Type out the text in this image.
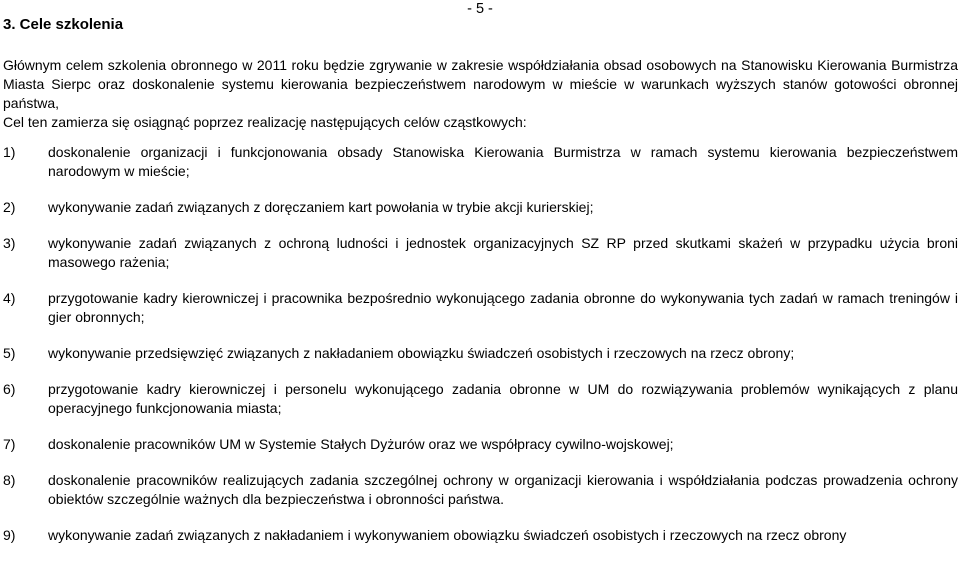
- 5 -
3. Cele szkolenia

Głównym celem szkolenia obronnego w 2011 roku będzie zgrywanie w zakresie współdziałania obsad osobowych na Stanowisku Kierowania Burmistrza Miasta Sierpc oraz doskonalenie systemu kierowania bezpieczeństwem narodowym w mieście w warunkach wyższych stanów gotowości obronnej państwa,

Cel ten zamierza się osiągnąć poprzez realizację następujących celów cząstkowych:

1)	doskonalenie organizacji i funkcjonowania obsady Stanowiska Kierowania Burmistrza w ramach systemu kierowania bezpieczeństwem narodowym w mieście;
2)	wykonywanie zadań związanych z doręczaniem kart powołania w trybie akcji kurierskiej;
3)	wykonywanie zadań związanych z ochroną ludności i jednostek organizacyjnych SZ RP przed skutkami skażeń w przypadku użycia broni masowego rażenia;
4)	przygotowanie kadry kierowniczej i pracownika bezpośrednio wykonującego zadania obronne do wykonywania tych zadań w ramach treningów i gier obronnych;
5)	wykonywanie przedsięwzięć związanych z nakładaniem obowiązku świadczeń osobistych i rzeczowych na rzecz obrony;
6)	przygotowanie kadry kierowniczej i personelu wykonującego zadania obronne w UM do rozwiązywania problemów wynikających z planu operacyjnego funkcjonowania miasta;
7)	doskonalenie pracowników UM w Systemie Stałych Dyżurów oraz we współpracy cywilno-wojskowej;
8)	doskonalenie pracowników realizujących zadania szczególnej ochrony w organizacji kierowania i współdziałania podczas prowadzenia ochrony obiektów szczególnie ważnych dla bezpieczeństwa i obronności państwa.
9)	wykonywanie zadań związanych z nakładaniem i wykonywaniem obowiązku świadczeń osobistych i rzeczowych na rzecz obrony
